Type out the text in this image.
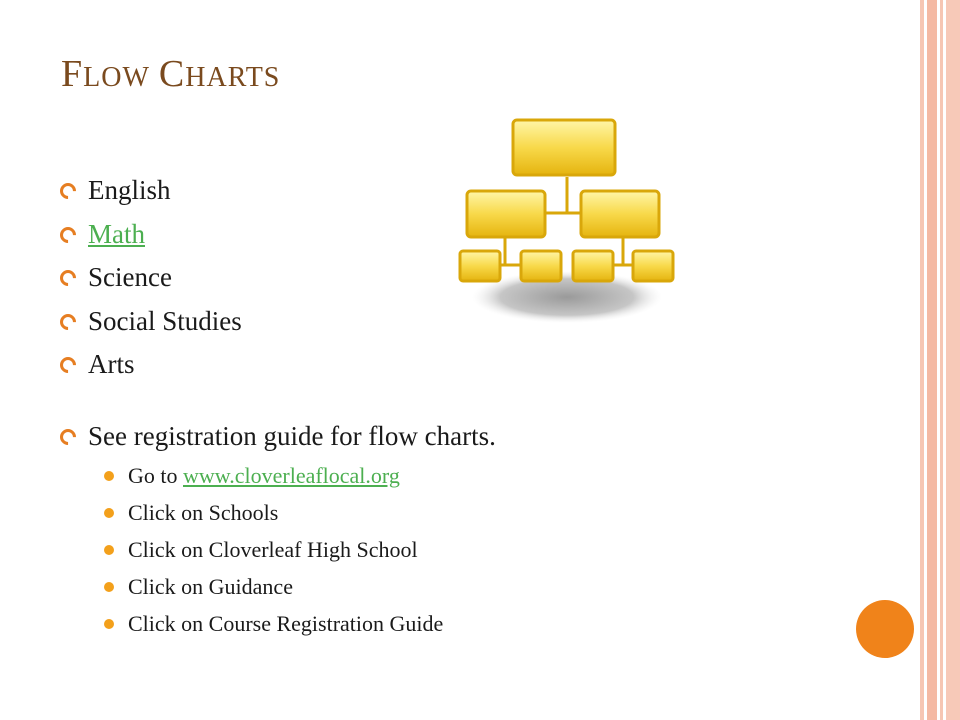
FLOW CHARTS
English
Math
Science
Social Studies
Arts
See registration guide for flow charts.
Go to www.cloverleaflocal.org
Click on Schools
Click on Cloverleaf High School
Click on Guidance
Click on Course Registration Guide
